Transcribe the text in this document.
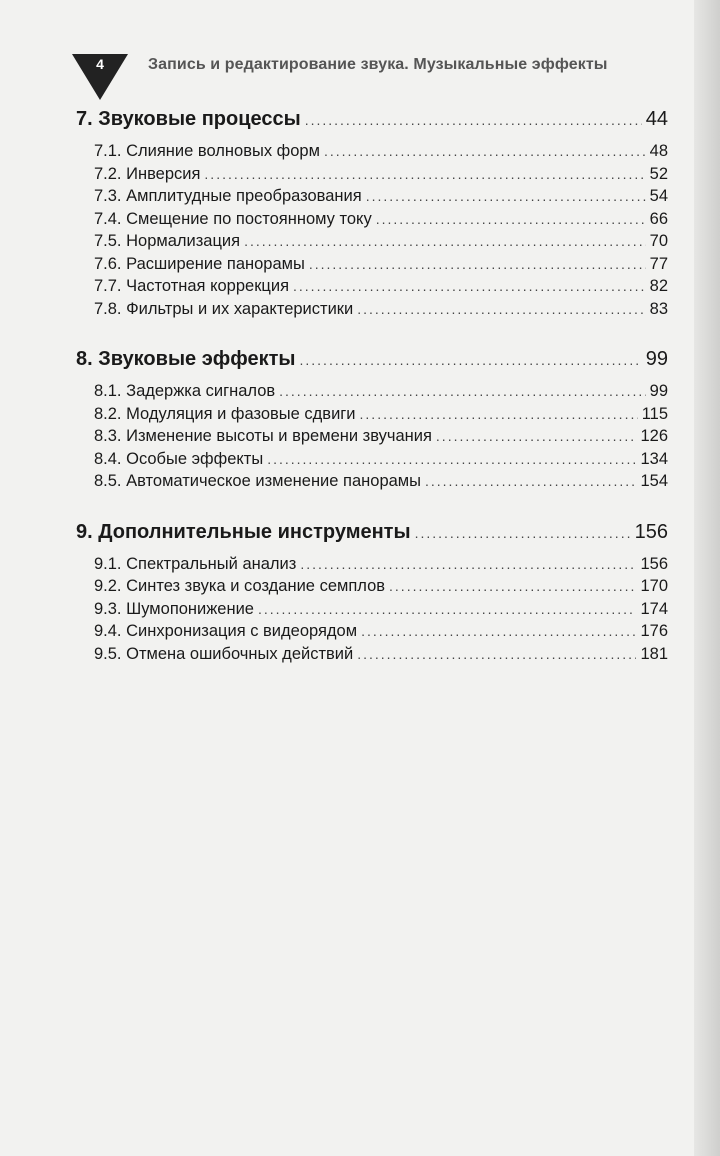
4	Запись и редактирование звука. Музыкальные эффекты
7. Звуковые процессы .....	44
7.1. Слияние волновых форм .....	48
7.2. Инверсия .....	52
7.3. Амплитудные преобразования .....	54
7.4. Смещение по постоянному току .....	66
7.5. Нормализация .....	70
7.6. Расширение панорамы .....	77
7.7. Частотная коррекция .....	82
7.8. Фильтры и их характеристики .....	83
8. Звуковые эффекты .....	99
8.1. Задержка сигналов .....	99
8.2. Модуляция и фазовые сдвиги .....	115
8.3. Изменение высоты и времени звучания .....	126
8.4. Особые эффекты .....	134
8.5. Автоматическое изменение панорамы .....	154
9. Дополнительные инструменты .....	156
9.1. Спектральный анализ .....	156
9.2. Синтез звука и создание семплов .....	170
9.3. Шумопонижение .....	174
9.4. Синхронизация с видеорядом .....	176
9.5. Отмена ошибочных действий .....	181
